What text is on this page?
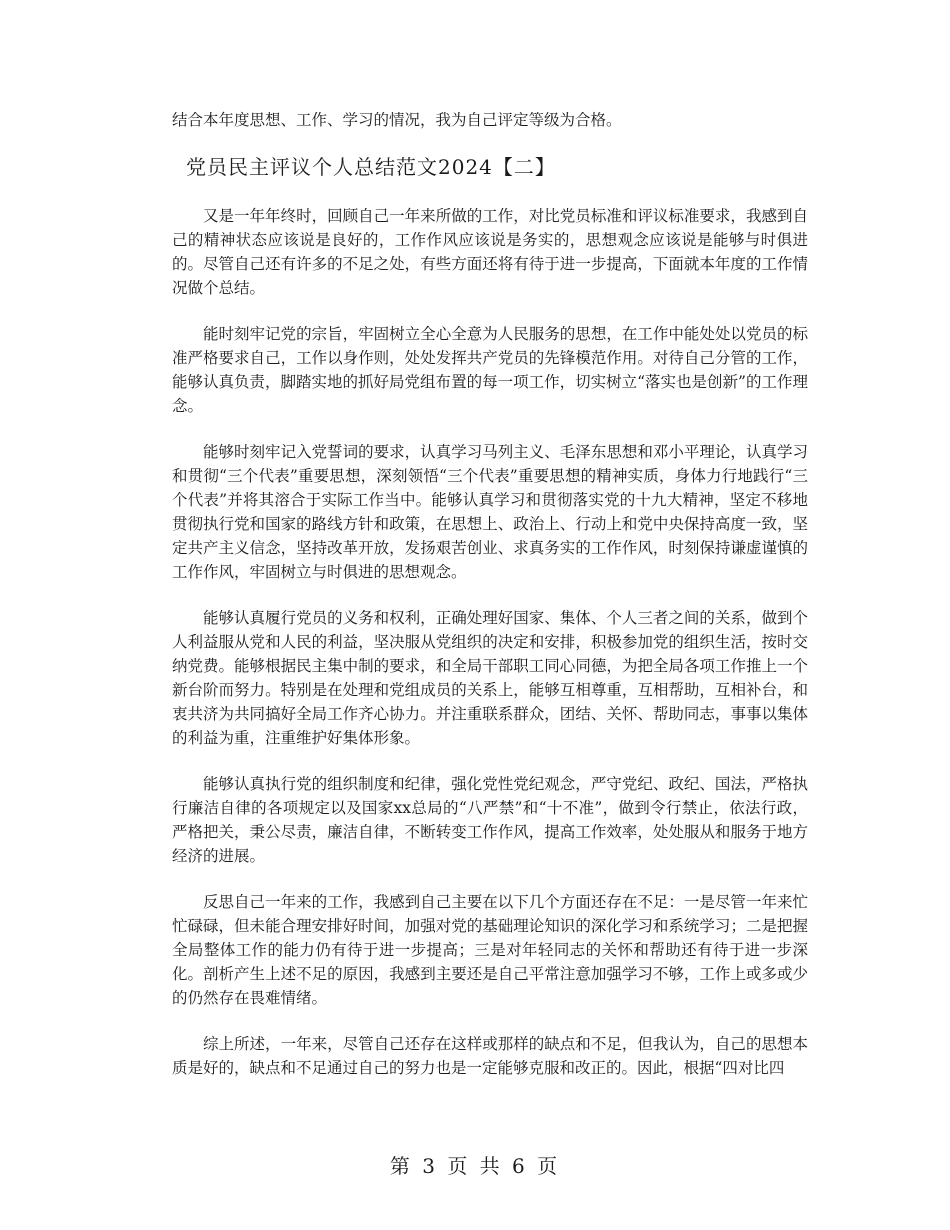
结合本年度思想、工作、学习的情况，我为自己评定等级为合格。

党员民主评议个人总结范文2024【二】

又是一年年终时，回顾自己一年来所做的工作，对比党员标准和评议标准要求，我感到自己的精神状态应该说是良好的，工作作风应该说是务实的，思想观念应该说是能够与时俱进的。尽管自己还有许多的不足之处，有些方面还将有待于进一步提高，下面就本年度的工作情况做个总结。

能时刻牢记党的宗旨，牢固树立全心全意为人民服务的思想，在工作中能处处以党员的标准严格要求自己，工作以身作则，处处发挥共产党员的先锋模范作用。对待自己分管的工作，能够认真负责，脚踏实地的抓好局党组布置的每一项工作，切实树立“落实也是创新”的工作理念。

能够时刻牢记入党誓词的要求，认真学习马列主义、毛泽东思想和邓小平理论，认真学习和贯彻“三个代表”重要思想，深刻领悟“三个代表”重要思想的精神实质，身体力行地践行“三个代表”并将其溶合于实际工作当中。能够认真学习和贯彻落实党的十九大精神，坚定不移地贯彻执行党和国家的路线方针和政策，在思想上、政治上、行动上和党中央保持高度一致，坚定共产主义信念，坚持改革开放，发扬艰苦创业、求真务实的工作作风，时刻保持谦虚谨慎的工作作风，牢固树立与时俱进的思想观念。

能够认真履行党员的义务和权利，正确处理好国家、集体、个人三者之间的关系，做到个人利益服从党和人民的利益，坚决服从党组织的决定和安排，积极参加党的组织生活，按时交纳党费。能够根据民主集中制的要求，和全局干部职工同心同德，为把全局各项工作推上一个新台阶而努力。特别是在处理和党组成员的关系上，能够互相尊重，互相帮助，互相补台，和衷共济为共同搞好全局工作齐心协力。并注重联系群众，团结、关怀、帮助同志，事事以集体的利益为重，注重维护好集体形象。

能够认真执行党的组织制度和纪律，强化党性党纪观念，严守党纪、政纪、国法，严格执行廉洁自律的各项规定以及国家xx总局的“八严禁”和“十不准”，做到令行禁止，依法行政，严格把关，秉公尽责，廉洁自律，不断转变工作作风，提高工作效率，处处服从和服务于地方经济的进展。

反思自己一年来的工作，我感到自己主要在以下几个方面还存在不足：一是尽管一年来忙忙碌碌，但未能合理安排好时间，加强对党的基础理论知识的深化学习和系统学习；二是把握全局整体工作的能力仍有待于进一步提高；三是对年轻同志的关怀和帮助还有待于进一步深化。剖析产生上述不足的原因，我感到主要还是自己平常注意加强学习不够，工作上或多或少的仍然存在畏难情绪。

综上所述，一年来，尽管自己还存在这样或那样的缺点和不足，但我认为，自己的思想本质是好的，缺点和不足通过自己的努力也是一定能够克服和改正的。因此，根据“四对比四

第 3 页 共 6 页
